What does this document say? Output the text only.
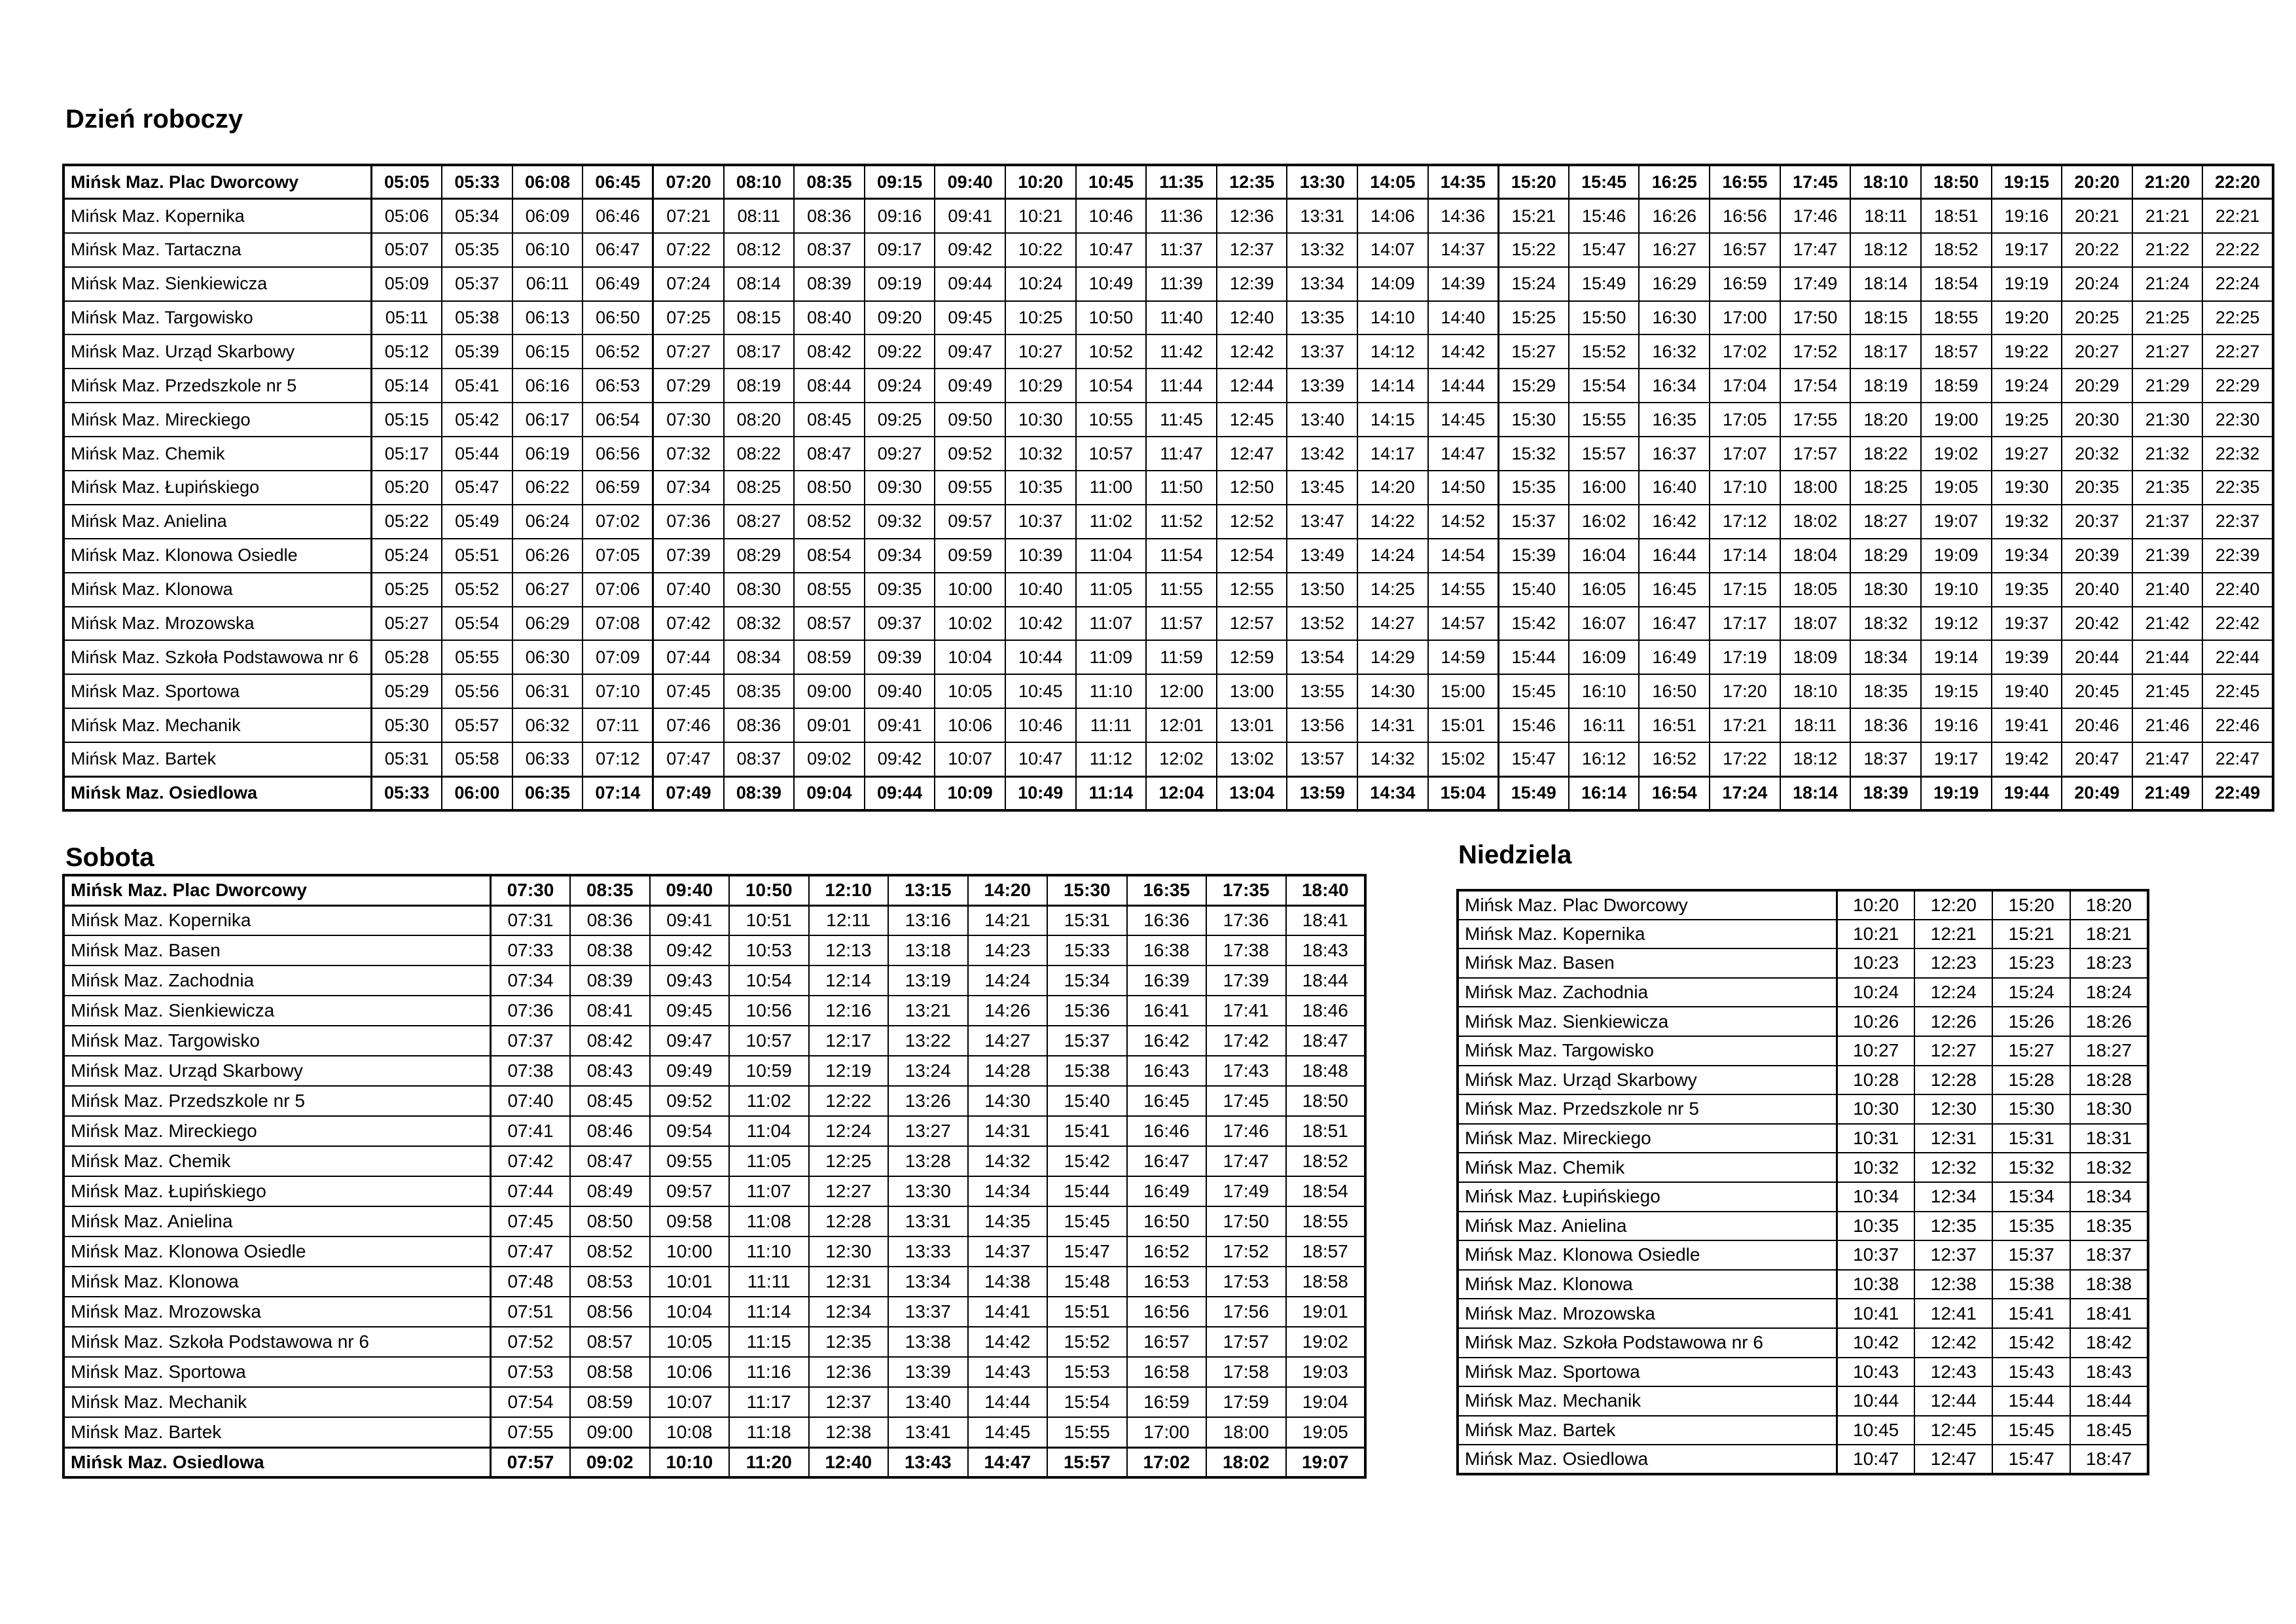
Dzień roboczy
Mińsk Maz. Plac Dworcowy	05:05	05:33	06:08	06:45	07:20	08:10	08:35	09:15	09:40	10:20	10:45	11:35	12:35	13:30	14:05	14:35	15:20	15:45	16:25	16:55	17:45	18:10	18:50	19:15	20:20	21:20	22:20
Mińsk Maz. Kopernika	05:06	05:34	06:09	06:46	07:21	08:11	08:36	09:16	09:41	10:21	10:46	11:36	12:36	13:31	14:06	14:36	15:21	15:46	16:26	16:56	17:46	18:11	18:51	19:16	20:21	21:21	22:21
Mińsk Maz. Tartaczna	05:07	05:35	06:10	06:47	07:22	08:12	08:37	09:17	09:42	10:22	10:47	11:37	12:37	13:32	14:07	14:37	15:22	15:47	16:27	16:57	17:47	18:12	18:52	19:17	20:22	21:22	22:22
Mińsk Maz. Sienkiewicza	05:09	05:37	06:11	06:49	07:24	08:14	08:39	09:19	09:44	10:24	10:49	11:39	12:39	13:34	14:09	14:39	15:24	15:49	16:29	16:59	17:49	18:14	18:54	19:19	20:24	21:24	22:24
Mińsk Maz. Targowisko	05:11	05:38	06:13	06:50	07:25	08:15	08:40	09:20	09:45	10:25	10:50	11:40	12:40	13:35	14:10	14:40	15:25	15:50	16:30	17:00	17:50	18:15	18:55	19:20	20:25	21:25	22:25
Mińsk Maz. Urząd Skarbowy	05:12	05:39	06:15	06:52	07:27	08:17	08:42	09:22	09:47	10:27	10:52	11:42	12:42	13:37	14:12	14:42	15:27	15:52	16:32	17:02	17:52	18:17	18:57	19:22	20:27	21:27	22:27
Mińsk Maz. Przedszkole nr 5	05:14	05:41	06:16	06:53	07:29	08:19	08:44	09:24	09:49	10:29	10:54	11:44	12:44	13:39	14:14	14:44	15:29	15:54	16:34	17:04	17:54	18:19	18:59	19:24	20:29	21:29	22:29
Mińsk Maz. Mireckiego	05:15	05:42	06:17	06:54	07:30	08:20	08:45	09:25	09:50	10:30	10:55	11:45	12:45	13:40	14:15	14:45	15:30	15:55	16:35	17:05	17:55	18:20	19:00	19:25	20:30	21:30	22:30
Mińsk Maz. Chemik	05:17	05:44	06:19	06:56	07:32	08:22	08:47	09:27	09:52	10:32	10:57	11:47	12:47	13:42	14:17	14:47	15:32	15:57	16:37	17:07	17:57	18:22	19:02	19:27	20:32	21:32	22:32
Mińsk Maz. Łupińskiego	05:20	05:47	06:22	06:59	07:34	08:25	08:50	09:30	09:55	10:35	11:00	11:50	12:50	13:45	14:20	14:50	15:35	16:00	16:40	17:10	18:00	18:25	19:05	19:30	20:35	21:35	22:35
Mińsk Maz. Anielina	05:22	05:49	06:24	07:02	07:36	08:27	08:52	09:32	09:57	10:37	11:02	11:52	12:52	13:47	14:22	14:52	15:37	16:02	16:42	17:12	18:02	18:27	19:07	19:32	20:37	21:37	22:37
Mińsk Maz. Klonowa Osiedle	05:24	05:51	06:26	07:05	07:39	08:29	08:54	09:34	09:59	10:39	11:04	11:54	12:54	13:49	14:24	14:54	15:39	16:04	16:44	17:14	18:04	18:29	19:09	19:34	20:39	21:39	22:39
Mińsk Maz. Klonowa	05:25	05:52	06:27	07:06	07:40	08:30	08:55	09:35	10:00	10:40	11:05	11:55	12:55	13:50	14:25	14:55	15:40	16:05	16:45	17:15	18:05	18:30	19:10	19:35	20:40	21:40	22:40
Mińsk Maz. Mrozowska	05:27	05:54	06:29	07:08	07:42	08:32	08:57	09:37	10:02	10:42	11:07	11:57	12:57	13:52	14:27	14:57	15:42	16:07	16:47	17:17	18:07	18:32	19:12	19:37	20:42	21:42	22:42
Mińsk Maz. Szkoła Podstawowa nr 6	05:28	05:55	06:30	07:09	07:44	08:34	08:59	09:39	10:04	10:44	11:09	11:59	12:59	13:54	14:29	14:59	15:44	16:09	16:49	17:19	18:09	18:34	19:14	19:39	20:44	21:44	22:44
Mińsk Maz. Sportowa	05:29	05:56	06:31	07:10	07:45	08:35	09:00	09:40	10:05	10:45	11:10	12:00	13:00	13:55	14:30	15:00	15:45	16:10	16:50	17:20	18:10	18:35	19:15	19:40	20:45	21:45	22:45
Mińsk Maz. Mechanik	05:30	05:57	06:32	07:11	07:46	08:36	09:01	09:41	10:06	10:46	11:11	12:01	13:01	13:56	14:31	15:01	15:46	16:11	16:51	17:21	18:11	18:36	19:16	19:41	20:46	21:46	22:46
Mińsk Maz. Bartek	05:31	05:58	06:33	07:12	07:47	08:37	09:02	09:42	10:07	10:47	11:12	12:02	13:02	13:57	14:32	15:02	15:47	16:12	16:52	17:22	18:12	18:37	19:17	19:42	20:47	21:47	22:47
Mińsk Maz. Osiedlowa	05:33	06:00	06:35	07:14	07:49	08:39	09:04	09:44	10:09	10:49	11:14	12:04	13:04	13:59	14:34	15:04	15:49	16:14	16:54	17:24	18:14	18:39	19:19	19:44	20:49	21:49	22:49
Sobota
Mińsk Maz. Plac Dworcowy	07:30	08:35	09:40	10:50	12:10	13:15	14:20	15:30	16:35	17:35	18:40
Mińsk Maz. Kopernika	07:31	08:36	09:41	10:51	12:11	13:16	14:21	15:31	16:36	17:36	18:41
Mińsk Maz. Basen	07:33	08:38	09:42	10:53	12:13	13:18	14:23	15:33	16:38	17:38	18:43
Mińsk Maz. Zachodnia	07:34	08:39	09:43	10:54	12:14	13:19	14:24	15:34	16:39	17:39	18:44
Mińsk Maz. Sienkiewicza	07:36	08:41	09:45	10:56	12:16	13:21	14:26	15:36	16:41	17:41	18:46
Mińsk Maz. Targowisko	07:37	08:42	09:47	10:57	12:17	13:22	14:27	15:37	16:42	17:42	18:47
Mińsk Maz. Urząd Skarbowy	07:38	08:43	09:49	10:59	12:19	13:24	14:28	15:38	16:43	17:43	18:48
Mińsk Maz. Przedszkole nr 5	07:40	08:45	09:52	11:02	12:22	13:26	14:30	15:40	16:45	17:45	18:50
Mińsk Maz. Mireckiego	07:41	08:46	09:54	11:04	12:24	13:27	14:31	15:41	16:46	17:46	18:51
Mińsk Maz. Chemik	07:42	08:47	09:55	11:05	12:25	13:28	14:32	15:42	16:47	17:47	18:52
Mińsk Maz. Łupińskiego	07:44	08:49	09:57	11:07	12:27	13:30	14:34	15:44	16:49	17:49	18:54
Mińsk Maz. Anielina	07:45	08:50	09:58	11:08	12:28	13:31	14:35	15:45	16:50	17:50	18:55
Mińsk Maz. Klonowa Osiedle	07:47	08:52	10:00	11:10	12:30	13:33	14:37	15:47	16:52	17:52	18:57
Mińsk Maz. Klonowa	07:48	08:53	10:01	11:11	12:31	13:34	14:38	15:48	16:53	17:53	18:58
Mińsk Maz. Mrozowska	07:51	08:56	10:04	11:14	12:34	13:37	14:41	15:51	16:56	17:56	19:01
Mińsk Maz. Szkoła Podstawowa nr 6	07:52	08:57	10:05	11:15	12:35	13:38	14:42	15:52	16:57	17:57	19:02
Mińsk Maz. Sportowa	07:53	08:58	10:06	11:16	12:36	13:39	14:43	15:53	16:58	17:58	19:03
Mińsk Maz. Mechanik	07:54	08:59	10:07	11:17	12:37	13:40	14:44	15:54	16:59	17:59	19:04
Mińsk Maz. Bartek	07:55	09:00	10:08	11:18	12:38	13:41	14:45	15:55	17:00	18:00	19:05
Mińsk Maz. Osiedlowa	07:57	09:02	10:10	11:20	12:40	13:43	14:47	15:57	17:02	18:02	19:07
Niedziela
Mińsk Maz. Plac Dworcowy	10:20	12:20	15:20	18:20
Mińsk Maz. Kopernika	10:21	12:21	15:21	18:21
Mińsk Maz. Basen	10:23	12:23	15:23	18:23
Mińsk Maz. Zachodnia	10:24	12:24	15:24	18:24
Mińsk Maz. Sienkiewicza	10:26	12:26	15:26	18:26
Mińsk Maz. Targowisko	10:27	12:27	15:27	18:27
Mińsk Maz. Urząd Skarbowy	10:28	12:28	15:28	18:28
Mińsk Maz. Przedszkole nr 5	10:30	12:30	15:30	18:30
Mińsk Maz. Mireckiego	10:31	12:31	15:31	18:31
Mińsk Maz. Chemik	10:32	12:32	15:32	18:32
Mińsk Maz. Łupińskiego	10:34	12:34	15:34	18:34
Mińsk Maz. Anielina	10:35	12:35	15:35	18:35
Mińsk Maz. Klonowa Osiedle	10:37	12:37	15:37	18:37
Mińsk Maz. Klonowa	10:38	12:38	15:38	18:38
Mińsk Maz. Mrozowska	10:41	12:41	15:41	18:41
Mińsk Maz. Szkoła Podstawowa nr 6	10:42	12:42	15:42	18:42
Mińsk Maz. Sportowa	10:43	12:43	15:43	18:43
Mińsk Maz. Mechanik	10:44	12:44	15:44	18:44
Mińsk Maz. Bartek	10:45	12:45	15:45	18:45
Mińsk Maz. Osiedlowa	10:47	12:47	15:47	18:47
